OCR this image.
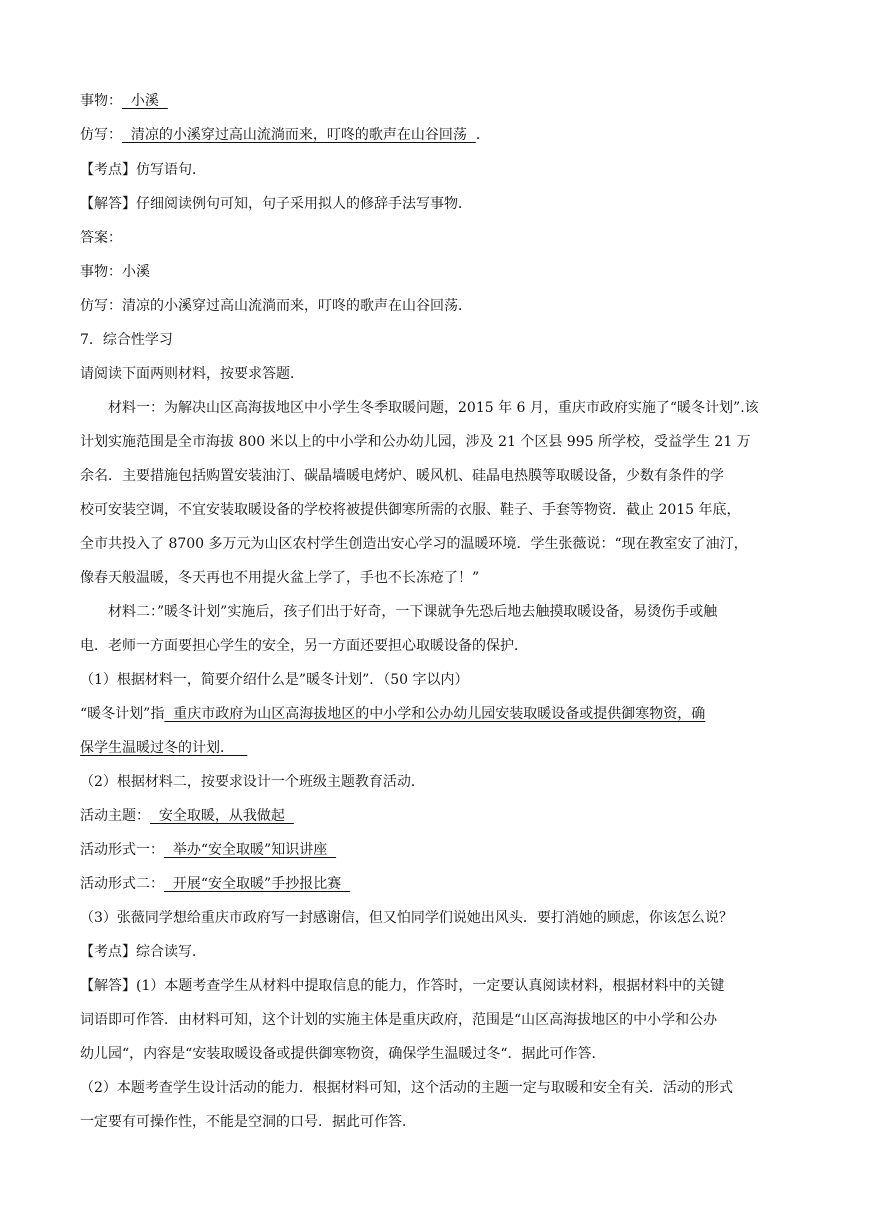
事物：  小溪
仿写：  清凉的小溪穿过高山流淌而来，叮咚的歌声在山谷回荡  ．
【考点】仿写语句．
【解答】仔细阅读例句可知，句子采用拟人的修辞手法写事物．
答案：
事物：小溪
仿写：清凉的小溪穿过高山流淌而来，叮咚的歌声在山谷回荡．
7．综合性学习
请阅读下面两则材料，按要求答题．
材料一：为解决山区高海拔地区中小学生冬季取暖问题，2015 年 6 月，重庆市政府实施了“暖冬计划”.该
计划实施范围是全市海拔 800 米以上的中小学和公办幼儿园，涉及 21 个区县 995 所学校，受益学生 21 万
余名．主要措施包括购置安装油汀、碳晶墙暖电烤炉、暖风机、硅晶电热膜等取暖设备，少数有条件的学
校可安装空调，不宜安装取暖设备的学校将被提供御寒所需的衣服、鞋子、手套等物资．截止 2015 年底，
全市共投入了 8700 多万元为山区农村学生创造出安心学习的温暖环境．学生张薇说：“现在教室安了油汀，
像春天般温暖，冬天再也不用提火盆上学了，手也不长冻疮了！”
材料二：”暖冬计划”实施后，孩子们出于好奇，一下课就争先恐后地去触摸取暖设备，易烫伤手或触
电．老师一方面要担心学生的安全，另一方面还要担心取暖设备的保护．
（1）根据材料一，简要介绍什么是”暖冬计划”．（50 字以内）
“暖冬计划”指  重庆市政府为山区高海拔地区的中小学和公办幼儿园安装取暖设备或提供御寒物资，确
保学生温暖过冬的计划．
（2）根据材料二，按要求设计一个班级主题教育活动．
活动主题：  安全取暖，从我做起
活动形式一：  举办“安全取暖”知识讲座
活动形式二：  开展“安全取暖”手抄报比赛
（3）张薇同学想给重庆市政府写一封感谢信，但又怕同学们说她出风头．要打消她的顾虑，你该怎么说？
【考点】综合读写．
【解答】(1）本题考查学生从材料中提取信息的能力，作答时，一定要认真阅读材料，根据材料中的关键
词语即可作答．由材料可知，这个计划的实施主体是重庆政府，范围是“山区高海拔地区的中小学和公办
幼儿园“，内容是“安装取暖设备或提供御寒物资，确保学生温暖过冬“．据此可作答．
（2）本题考查学生设计活动的能力．根据材料可知，这个活动的主题一定与取暖和安全有关．活动的形式
一定要有可操作性，不能是空洞的口号．据此可作答．
